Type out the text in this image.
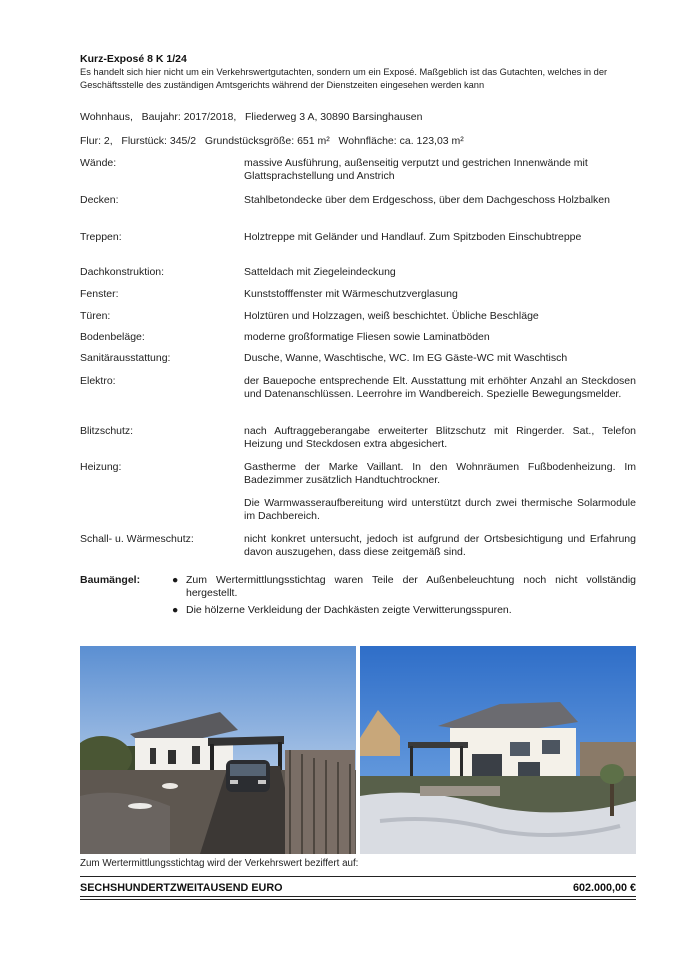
Kurz-Exposé 8 K 1/24
Es handelt sich hier nicht um ein Verkehrswertgutachten, sondern um ein Exposé. Maßgeblich ist das Gutachten, welches in der Geschäftsstelle des zuständigen Amtsgerichts während der Dienstzeiten eingesehen werden kann
Wohnhaus,   Baujahr: 2017/2018,   Fliederweg 3 A, 30890 Barsinghausen
Flur: 2,   Flurstück: 345/2   Grundstücksgröße: 651 m²   Wohnfläche: ca. 123,03 m²
Wände:	massive Ausführung, außenseitig verputzt und gestrichen Innenwände mit Glattsprachstellung und Anstrich
Decken:	Stahlbetondecke über dem Erdgeschoss, über dem Dachgeschoss Holzbalken
Treppen:	Holztreppe mit Geländer und Handlauf. Zum Spitzboden Einschubtreppe
Dachkonstruktion:	Satteldach mit Ziegeleindeckung
Fenster:	Kunststofffenster mit Wärmeschutzverglasung
Türen:	Holztüren und Holzzagen, weiß beschichtet. Übliche Beschläge
Bodenbeläge:	moderne großformatige Fliesen sowie Laminatböden
Sanitärausstattung:	Dusche, Wanne, Waschtische, WC. Im EG Gäste-WC mit Waschtisch
Elektro:	der Bauepoche entsprechende Elt. Ausstattung mit erhöhter Anzahl an Steckdosen und Datenanschlüssen. Leerrohre im Wandbereich. Spezielle Bewegungsmelder.
Blitzschutz:	nach Auftraggeberangabe erweiterter Blitzschutz mit Ringerder. Sat., Telefon Heizung und Steckdosen extra abgesichert.
Heizung:	Gastherme der Marke Vaillant. In den Wohnräumen Fußbodenheizung. Im Badezimmer zusätzlich Handtuchtrockner.
Die Warmwasseraufbereitung wird unterstützt durch zwei thermische Solarmodule im Dachbereich.
Schall- u. Wärmeschutz:	nicht konkret untersucht, jedoch ist aufgrund der Ortsbesichtigung und Erfahrung davon auszugehen, dass diese zeitgemäß sind.
Baumängel:	● Zum Wertermittlungsstichtag waren Teile der Außenbeleuchtung noch nicht vollständig hergestellt.
● Die hölzerne Verkleidung der Dachkästen zeigte Verwitterungsspuren.
Zum Wertermittlungsstichtag wird der Verkehrswert beziffert auf:
SECHSHUNDERTZWEITAUSEND EURO	602.000,00 €
